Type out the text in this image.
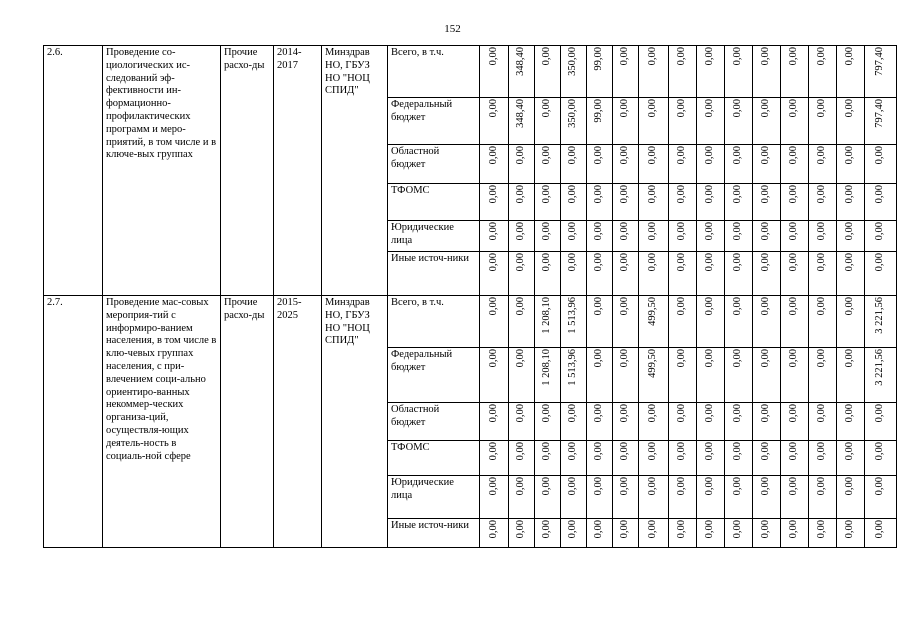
152
2.6.	Проведение со-циологических ис-следований эф-фективности ин-формационно-профилактических программ и меро-приятий, в том числе и в ключе-вых группах	Прочие расхо-ды	2014-2017	Минздрав НО, ГБУЗ НО "НОЦ СПИД"	Всего, в т.ч.	0,00	348,40	0,00	350,00	99,00	0,00	0,00	0,00	0,00	0,00	0,00	0,00	0,00	0,00	797,40
					Федеральный бюджет	0,00	348,40	0,00	350,00	99,00	0,00	0,00	0,00	0,00	0,00	0,00	0,00	0,00	0,00	797,40
					Областной бюджет	0,00	0,00	0,00	0,00	0,00	0,00	0,00	0,00	0,00	0,00	0,00	0,00	0,00	0,00	0,00
					ТФОМС	0,00	0,00	0,00	0,00	0,00	0,00	0,00	0,00	0,00	0,00	0,00	0,00	0,00	0,00	0,00
					Юридические лица	0,00	0,00	0,00	0,00	0,00	0,00	0,00	0,00	0,00	0,00	0,00	0,00	0,00	0,00	0,00
					Иные источ-ники	0,00	0,00	0,00	0,00	0,00	0,00	0,00	0,00	0,00	0,00	0,00	0,00	0,00	0,00	0,00
2.7.	Проведение мас-совых мероприя-тий с информиро-ванием населения, в том числе в клю-чевых группах населения, с при-влечением соци-ально ориентиро-ванных некоммер-ческих организа-ций, осуществля-ющих деятель-ность в социаль-ной сфере	Прочие расхо-ды	2015-2025	Минздрав НО, ГБУЗ НО "НОЦ СПИД"	Всего, в т.ч.	0,00	0,00	1 208,10	1 513,96	0,00	0,00	499,50	0,00	0,00	0,00	0,00	0,00	0,00	0,00	3 221,56
					Федеральный бюджет	0,00	0,00	1 208,10	1 513,96	0,00	0,00	499,50	0,00	0,00	0,00	0,00	0,00	0,00	0,00	3 221,56
					Областной бюджет	0,00	0,00	0,00	0,00	0,00	0,00	0,00	0,00	0,00	0,00	0,00	0,00	0,00	0,00	0,00
					ТФОМС	0,00	0,00	0,00	0,00	0,00	0,00	0,00	0,00	0,00	0,00	0,00	0,00	0,00	0,00	0,00
					Юридические лица	0,00	0,00	0,00	0,00	0,00	0,00	0,00	0,00	0,00	0,00	0,00	0,00	0,00	0,00	0,00
					Иные источ-ники	0,00	0,00	0,00	0,00	0,00	0,00	0,00	0,00	0,00	0,00	0,00	0,00	0,00	0,00	0,00
